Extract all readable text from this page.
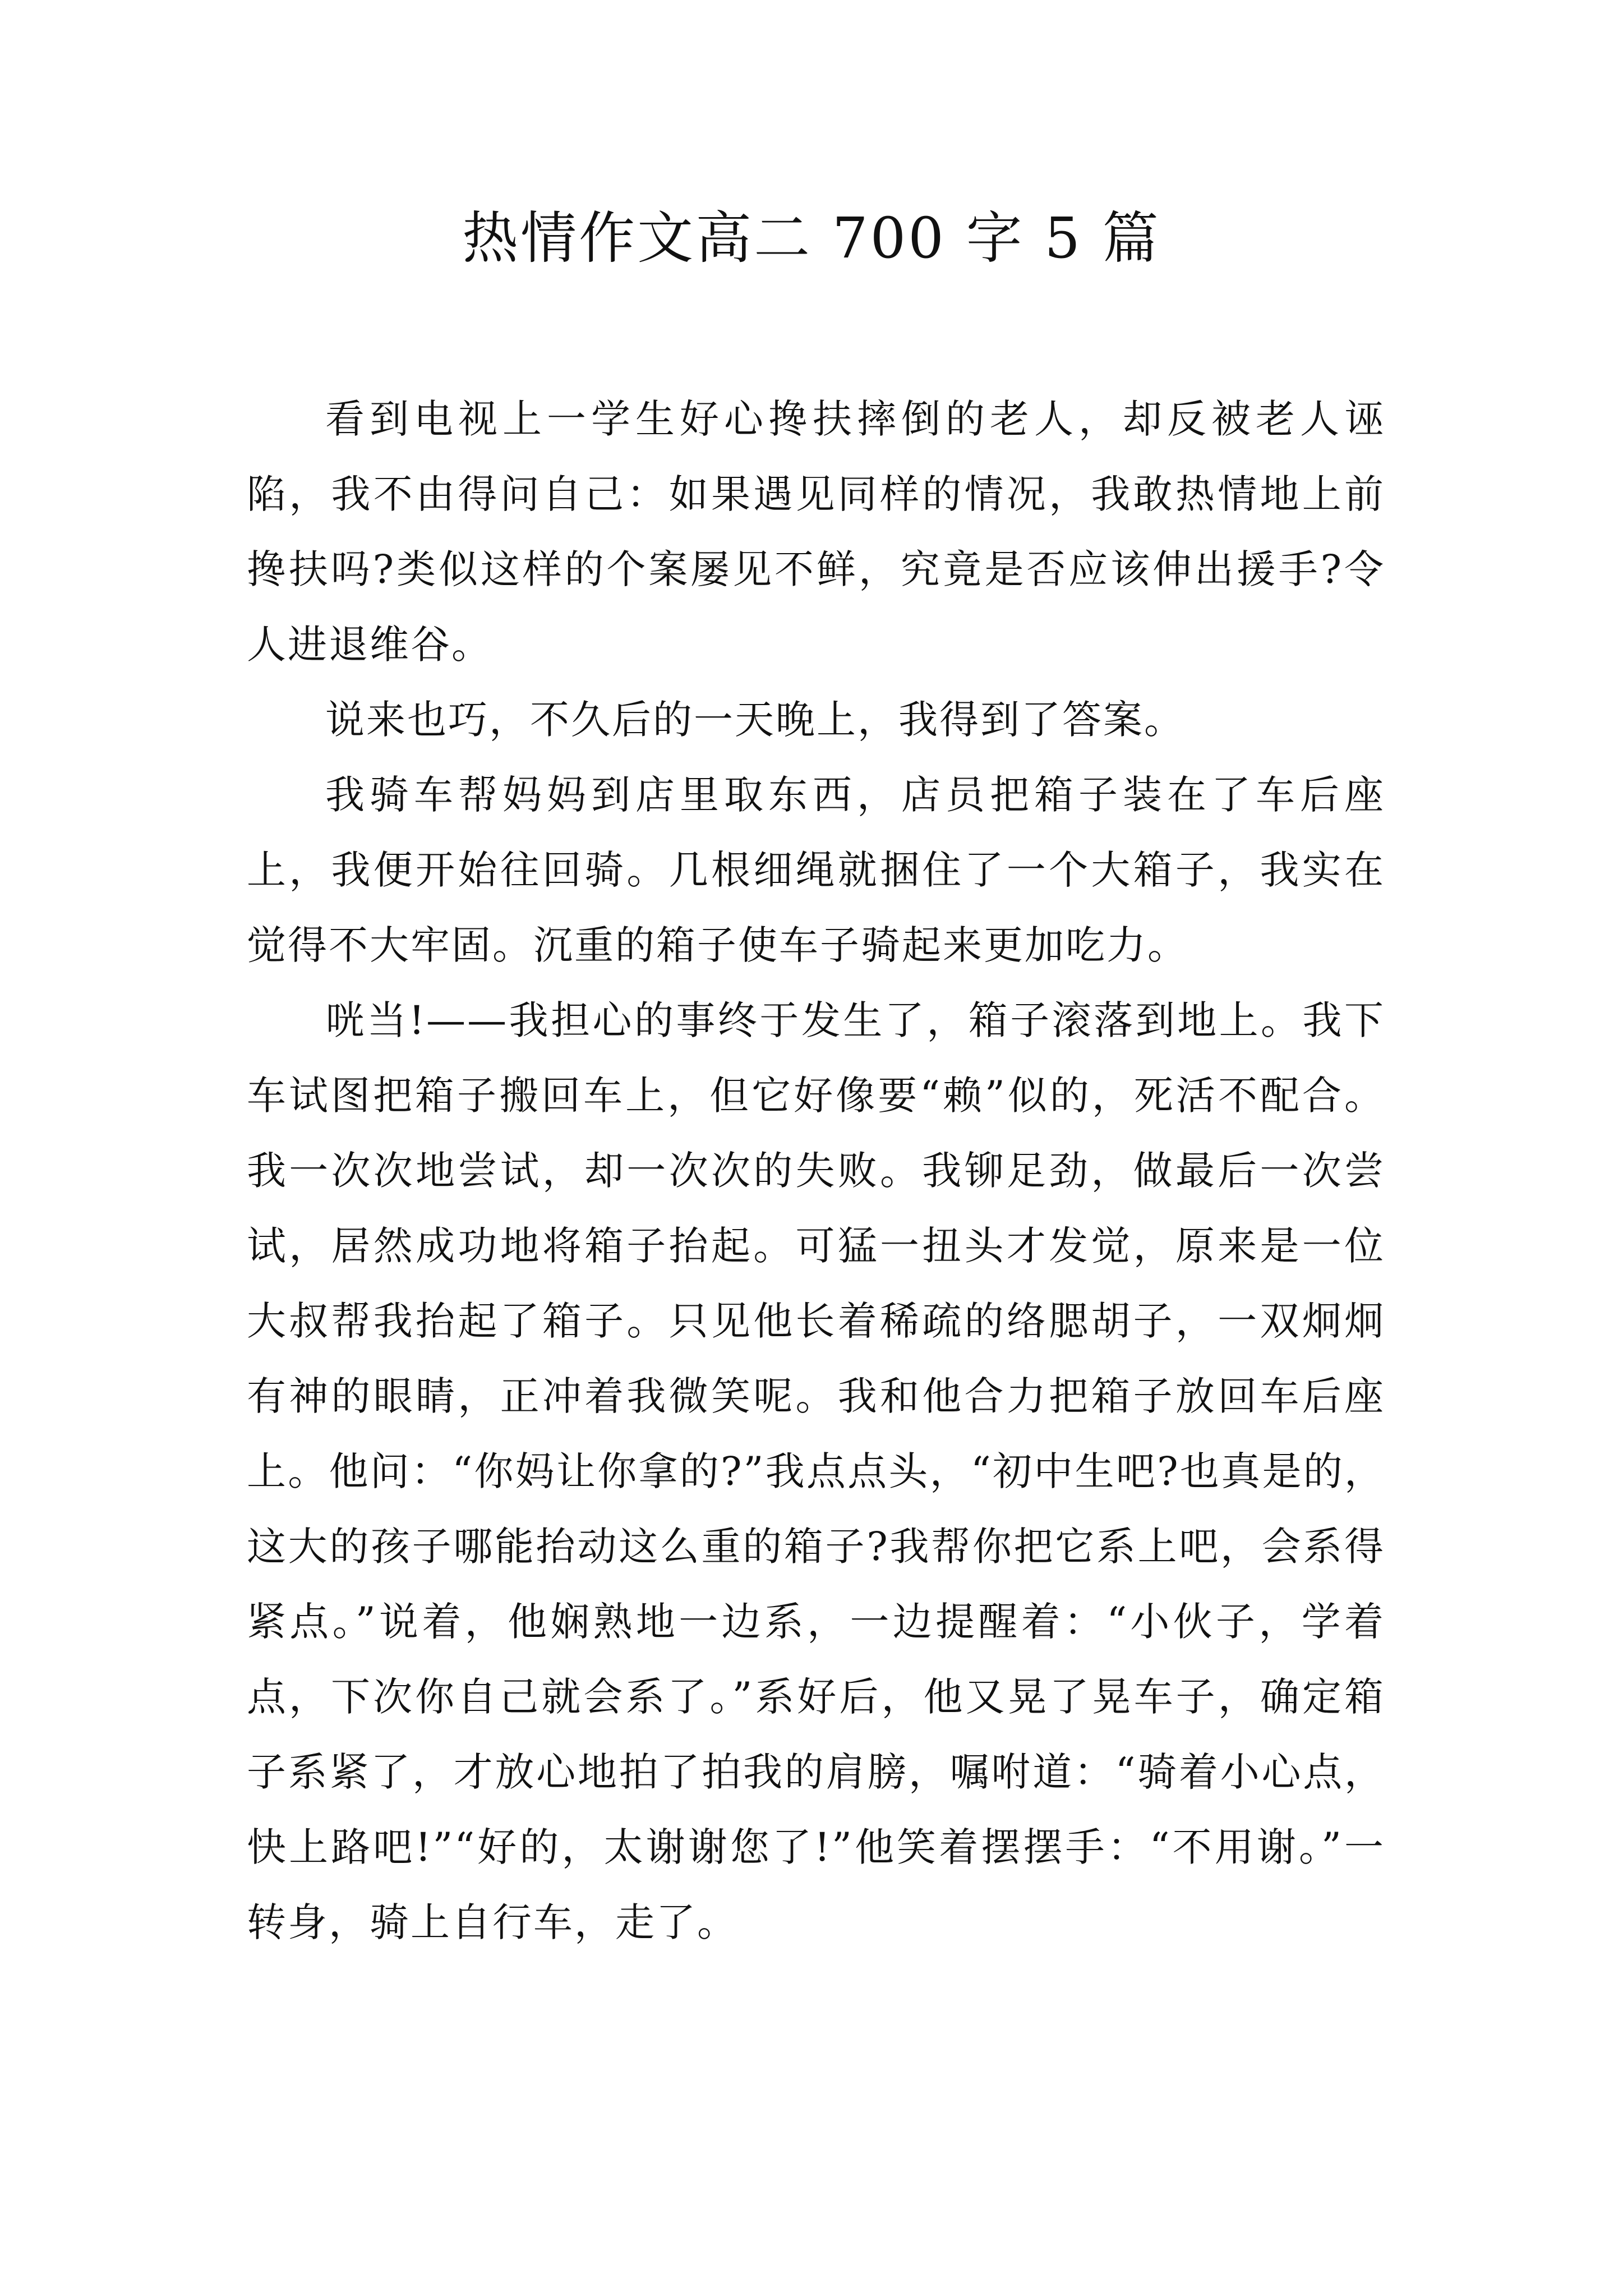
热情作文高二 700 字 5 篇

看到电视上一学生好心搀扶摔倒的老人，却反被老人诬陷，我不由得问自己：如果遇见同样的情况，我敢热情地上前搀扶吗?类似这样的个案屡见不鲜，究竟是否应该伸出援手?令人进退维谷。

说来也巧，不久后的一天晚上，我得到了答案。

我骑车帮妈妈到店里取东西，店员把箱子装在了车后座上，我便开始往回骑。几根细绳就捆住了一个大箱子，我实在觉得不大牢固。沉重的箱子使车子骑起来更加吃力。

咣当!——我担心的事终于发生了，箱子滚落到地上。我下车试图把箱子搬回车上，但它好像要“赖”似的，死活不配合。我一次次地尝试，却一次次的失败。我铆足劲，做最后一次尝试，居然成功地将箱子抬起。可猛一扭头才发觉，原来是一位大叔帮我抬起了箱子。只见他长着稀疏的络腮胡子，一双炯炯有神的眼睛，正冲着我微笑呢。我和他合力把箱子放回车后座上。他问：“你妈让你拿的?”我点点头，“初中生吧?也真是的，这大的孩子哪能抬动这么重的箱子?我帮你把它系上吧，会系得紧点。”说着，他娴熟地一边系，一边提醒着：“小伙子，学着点，下次你自己就会系了。”系好后，他又晃了晃车子，确定箱子系紧了，才放心地拍了拍我的肩膀，嘱咐道：“骑着小心点，快上路吧!”“好的，太谢谢您了!”他笑着摆摆手：“不用谢。”一转身，骑上自行车，走了。
